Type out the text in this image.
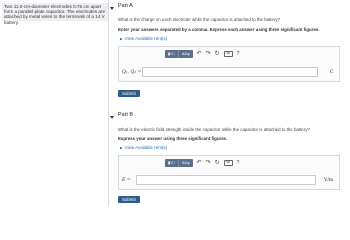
Two 11.0-cm-diameter electrodes 0.75 cm apart form a parallel-plate capacitor. The electrodes are attached by metal wires to the terminals of a 14 V battery.
Part A
What is the charge on each electrode while the capacitor is attached to the battery?
Enter your answers separated by a comma. Express each answer using three significant figures.
▶ View Available Hint(s)
▮√□	ΑΣφ	↶ ↷ ↻	⌨	?
Q₁, Q₂ =	C
Submit
Part B
What is the electric field strength inside the capacitor while the capacitor is attached to the battery?
Express your answer using three significant figures.
▶ View Available Hint(s)
▮√□	ΑΣφ	↶ ↷ ↻	⌨	?
E =	V/m
Submit
